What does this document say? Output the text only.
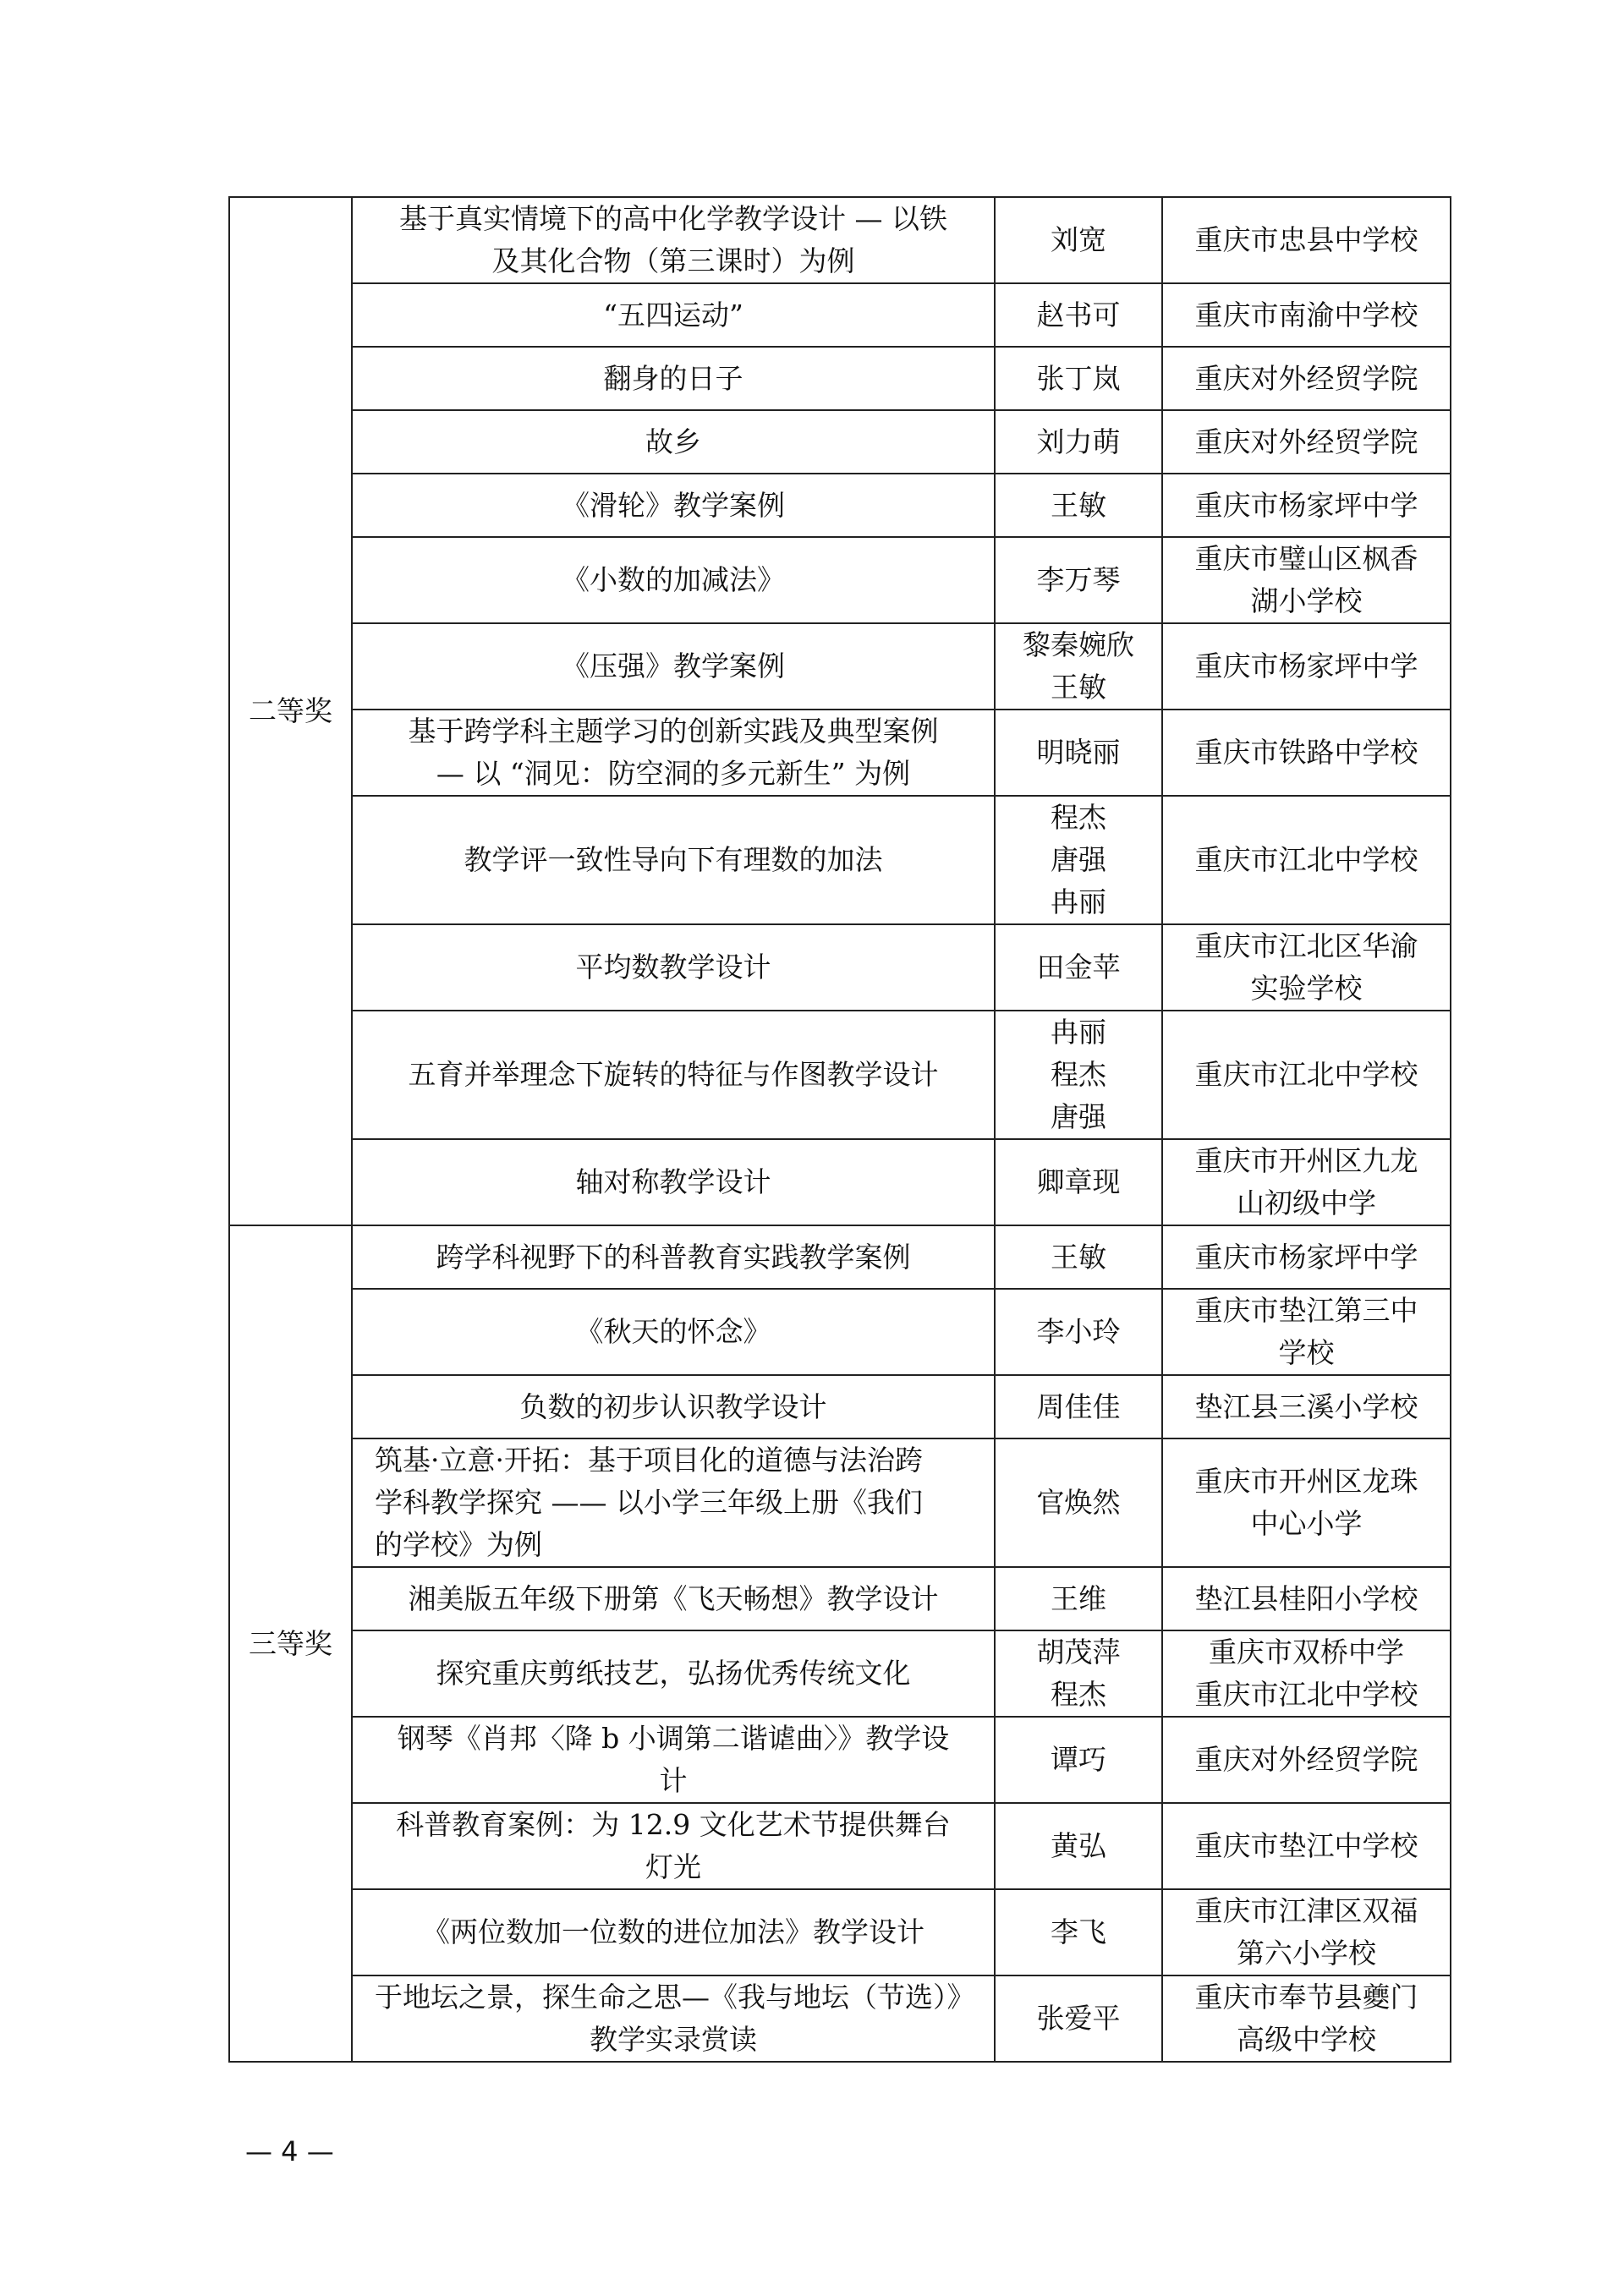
二等奖	基于真实情境下的高中化学教学设计 — 以铁
及其化合物（第三课时）为例	刘宽	重庆市忠县中学校

	“五四运动”	赵书可	重庆市南渝中学校

	翻身的日子	张丁岚	重庆对外经贸学院

	故乡	刘力萌	重庆对外经贸学院

	《滑轮》教学案例	王敏	重庆市杨家坪中学

	《小数的加减法》	李万琴	重庆市璧山区枫香
湖小学校

	《压强》教学案例	黎秦婉欣
王敏	重庆市杨家坪中学

	基于跨学科主题学习的创新实践及典型案例
— 以 “洞见：防空洞的多元新生” 为例	明晓丽	重庆市铁路中学校

	教学评一致性导向下有理数的加法	程杰
唐强
冉丽	重庆市江北中学校

	平均数教学设计	田金苹	重庆市江北区华渝
实验学校

	五育并举理念下旋转的特征与作图教学设计	冉丽
程杰
唐强	重庆市江北中学校

	轴对称教学设计	卿章现	重庆市开州区九龙
山初级中学

三等奖	跨学科视野下的科普教育实践教学案例	王敏	重庆市杨家坪中学

	《秋天的怀念》	李小玲	重庆市垫江第三中
学校

	负数的初步认识教学设计	周佳佳	垫江县三溪小学校

	筑基·立意·开拓：基于项目化的道德与法治跨
学科教学探究 —— 以小学三年级上册《我们
的学校》为例	官焕然	重庆市开州区龙珠
中心小学

	湘美版五年级下册第《飞天畅想》教学设计	王维	垫江县桂阳小学校

	探究重庆剪纸技艺，弘扬优秀传统文化	胡茂萍
程杰	重庆市双桥中学
重庆市江北中学校

	钢琴《肖邦〈降 b 小调第二谐谑曲〉》教学设
计	谭巧	重庆对外经贸学院

	科普教育案例：为 12.9 文化艺术节提供舞台
灯光	黄弘	重庆市垫江中学校

	《两位数加一位数的进位加法》教学设计	李飞	重庆市江津区双福
第六小学校

	于地坛之景，探生命之思—《我与地坛（节选）》
教学实录赏读	张爱平	重庆市奉节县夔门
高级中学校
— 4 —
